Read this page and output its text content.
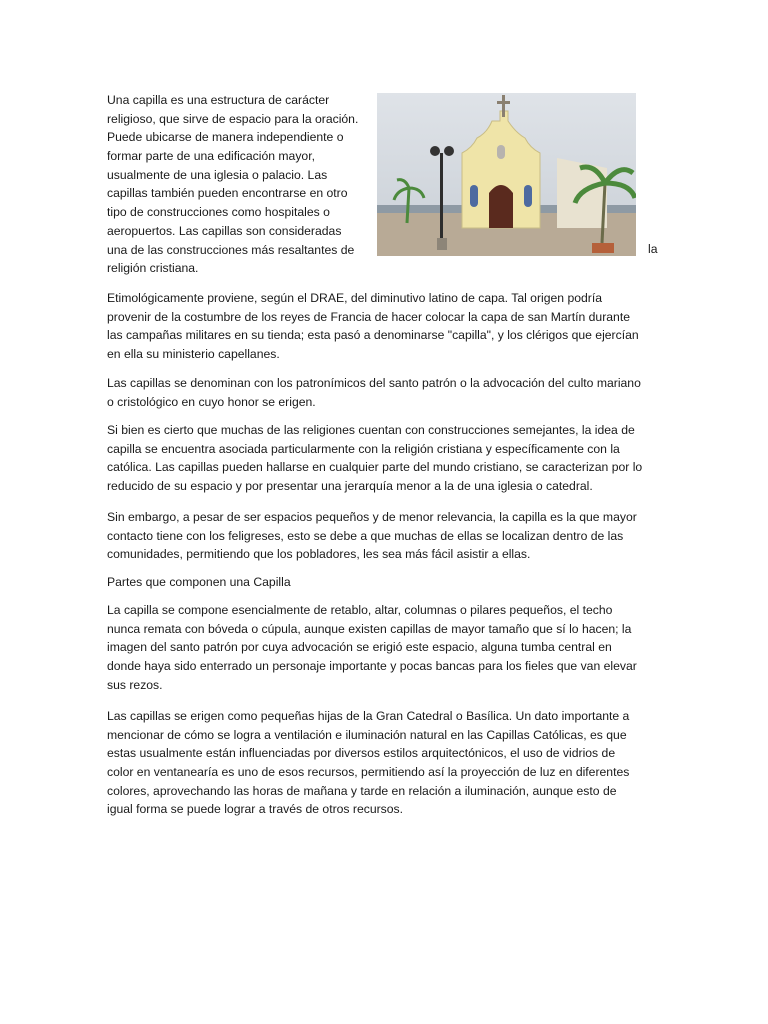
Una capilla es una estructura de carácter
religioso, que sirve de espacio para la oración.
Puede ubicarse de manera independiente o
formar parte de una edificación mayor,
usualmente de una iglesia o palacio. Las
capillas también pueden encontrarse en otro
tipo de construcciones como hospitales o
aeropuertos. Las capillas son consideradas
una de las construcciones más resaltantes de
religión cristiana.
la
Etimológicamente proviene, según el DRAE, del diminutivo latino de capa. Tal origen podría
provenir de la costumbre de los reyes de Francia de hacer colocar la capa de san Martín durante
las campañas militares en su tienda; esta pasó a denominarse "capilla", y los clérigos que ejercían
en ella su ministerio capellanes.
Las capillas se denominan con los patronímicos del santo patrón o la advocación del culto mariano
o cristológico en cuyo honor se erigen.
Si bien es cierto que muchas de las religiones cuentan con construcciones semejantes, la idea de
capilla se encuentra asociada particularmente con la religión cristiana y específicamente con la
católica. Las capillas pueden hallarse en cualquier parte del mundo cristiano, se caracterizan por lo
reducido de su espacio y por presentar una jerarquía menor a la de una iglesia o catedral.
Sin embargo, a pesar de ser espacios pequeños y de menor relevancia, la capilla es la que mayor
contacto tiene con los feligreses, esto se debe a que muchas de ellas se localizan dentro de las
comunidades, permitiendo que los pobladores, les sea más fácil asistir a ellas.
Partes que componen una Capilla
La capilla se compone esencialmente de retablo, altar, columnas o pilares pequeños, el techo
nunca remata con bóveda o cúpula, aunque existen capillas de mayor tamaño que sí lo hacen; la
imagen del santo patrón por cuya advocación se erigió este espacio, alguna tumba central en
donde haya sido enterrado un personaje importante y pocas bancas para los fieles que van elevar
sus rezos.
Las capillas se erigen como pequeñas hijas de la Gran Catedral o Basílica. Un dato importante a
mencionar de cómo se logra a ventilación e iluminación natural en las Capillas Católicas, es que
estas usualmente están influenciadas por diversos estilos arquitectónicos, el uso de vidrios de
color en ventanearía es uno de esos recursos, permitiendo así la proyección de luz en diferentes
colores, aprovechando las horas de mañana y tarde en relación a iluminación, aunque esto de
igual forma se puede lograr a través de otros recursos.
